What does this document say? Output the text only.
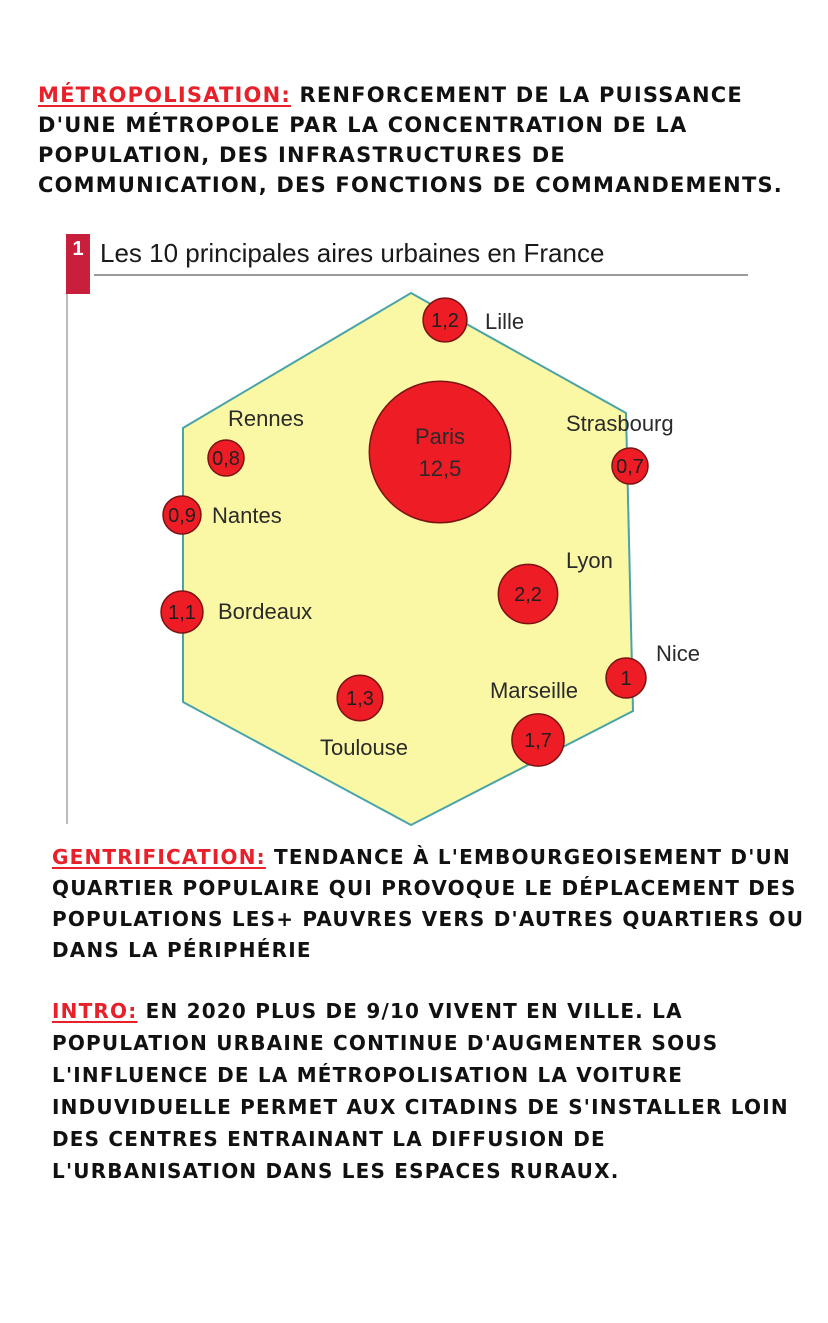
MÉTROPOLISATION: RENFORCEMENT DE LA PUISSANCE D'UNE MÉTROPOLE PAR LA CONCENTRATION DE LA POPULATION, DES INFRASTRUCTURES DE COMMUNICATION, DES FONCTIONS DE COMMANDEMENTS.
1 Les 10 principales aires urbaines en France
Paris
12,5
2,2
Lyon
1,7
Marseille
1,3
Toulouse
1,2 Lille
1,1 Bordeaux
1
Nice
0,9 Nantes
0,8
Rennes
0,7
Strasbourg
GENTRIFICATION: TENDANCE À L'EMBOURGEOISEMENT D'UN QUARTIER POPULAIRE QUI PROVOQUE LE DÉPLACEMENT DES POPULATIONS LES+ PAUVRES VERS D'AUTRES QUARTIERS OU DANS LA PÉRIPHÉRIE
INTRO: EN 2020 PLUS DE 9/10 VIVENT EN VILLE. LA POPULATION URBAINE CONTINUE D'AUGMENTER SOUS L'INFLUENCE DE LA MÉTROPOLISATION LA VOITURE INDUVIDUELLE PERMET AUX CITADINS DE S'INSTALLER LOIN DES CENTRES ENTRAINANT LA DIFFUSION DE L'URBANISATION DANS LES ESPACES RURAUX.
